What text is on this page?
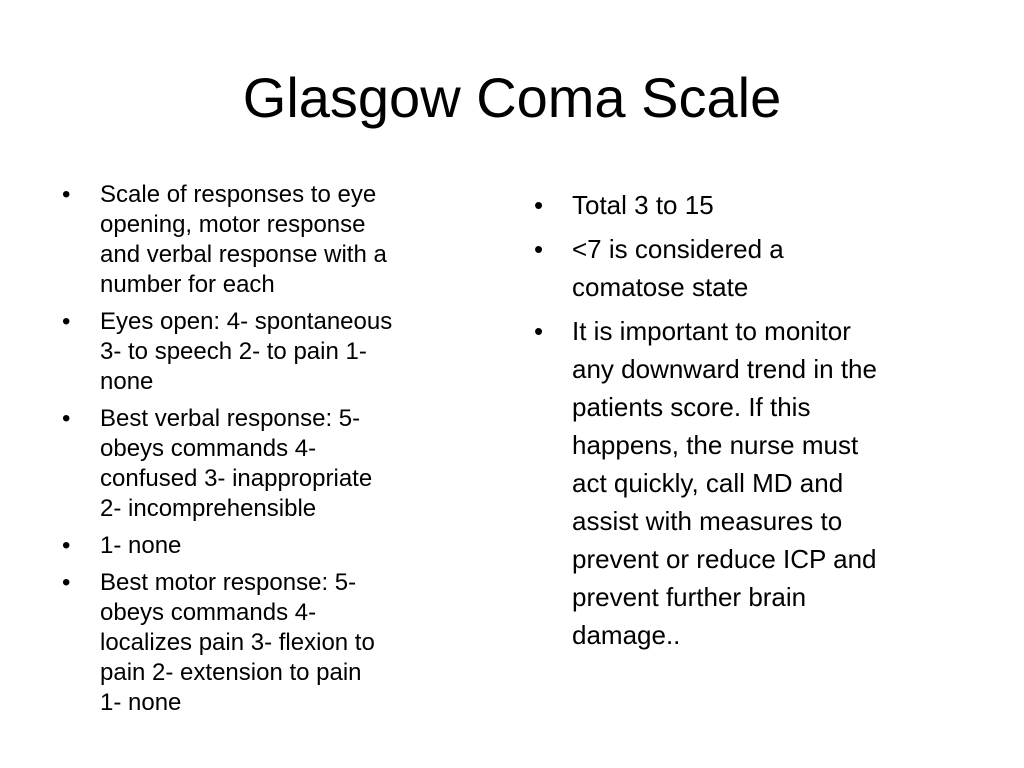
Glasgow Coma Scale
• Scale of responses to eye
opening, motor response
and verbal response with a
number for each
• Eyes open: 4- spontaneous
3- to speech 2- to pain 1-
none
• Best verbal response: 5-
obeys commands 4-
confused 3- inappropriate
2- incomprehensible
• 1- none
• Best motor response: 5-
obeys commands 4-
localizes pain 3- flexion to
pain 2- extension to pain
1- none
• Total 3 to 15
• <7 is considered a
comatose state
• It is important to monitor
any downward trend in the
patients score. If this
happens, the nurse must
act quickly, call MD and
assist with measures to
prevent or reduce ICP and
prevent further brain
damage..
